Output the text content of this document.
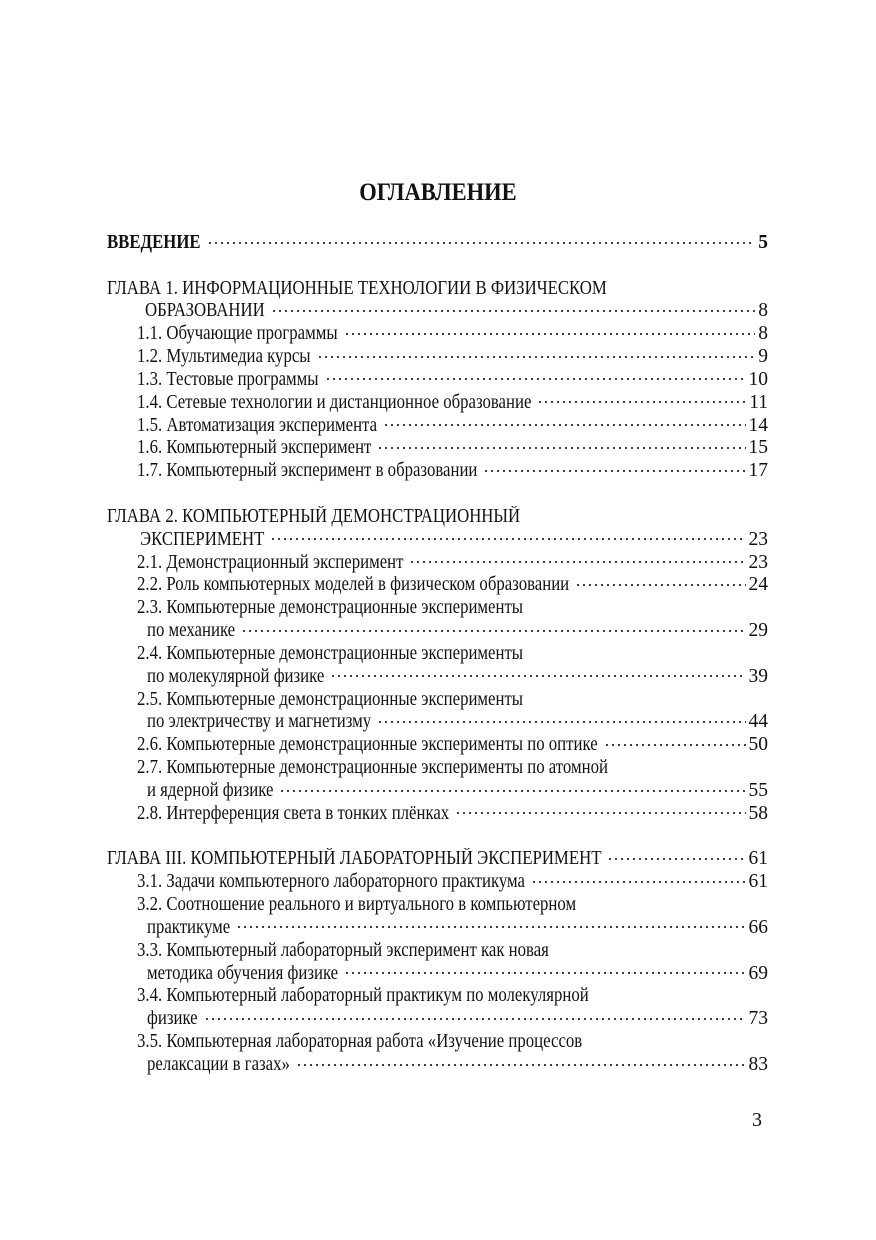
ОГЛАВЛЕНИЕ
ВВЕДЕНИЕ	5
ГЛАВА 1. ИНФОРМАЦИОННЫЕ ТЕХНОЛОГИИ В ФИЗИЧЕСКОМ
ОБРАЗОВАНИИ	8
1.1. Обучающие программы	8
1.2. Мультимедиа курсы	9
1.3. Тестовые программы	10
1.4. Сетевые технологии и дистанционное образование	11
1.5. Автоматизация эксперимента	14
1.6. Компьютерный эксперимент	15
1.7. Компьютерный эксперимент в образовании	17
ГЛАВА 2. КОМПЬЮТЕРНЫЙ ДЕМОНСТРАЦИОННЫЙ
ЭКСПЕРИМЕНТ	23
2.1. Демонстрационный эксперимент	23
2.2. Роль компьютерных моделей в физическом образовании	24
2.3. Компьютерные демонстрационные эксперименты
по механике	29
2.4. Компьютерные демонстрационные эксперименты
по молекулярной физике	39
2.5. Компьютерные демонстрационные эксперименты
по электричеству и магнетизму	44
2.6. Компьютерные демонстрационные эксперименты по оптике	50
2.7. Компьютерные демонстрационные эксперименты по атомной
и ядерной физике	55
2.8. Интерференция света в тонких плёнках	58
ГЛАВА III. КОМПЬЮТЕРНЫЙ ЛАБОРАТОРНЫЙ ЭКСПЕРИМЕНТ	61
3.1. Задачи компьютерного лабораторного практикума	61
3.2. Соотношение реального и виртуального в компьютерном
практикуме	66
3.3. Компьютерный лабораторный эксперимент как новая
методика обучения физике	69
3.4. Компьютерный лабораторный практикум по молекулярной
физике	73
3.5. Компьютерная лабораторная работа «Изучение процессов
релаксации в газах»	83
3
